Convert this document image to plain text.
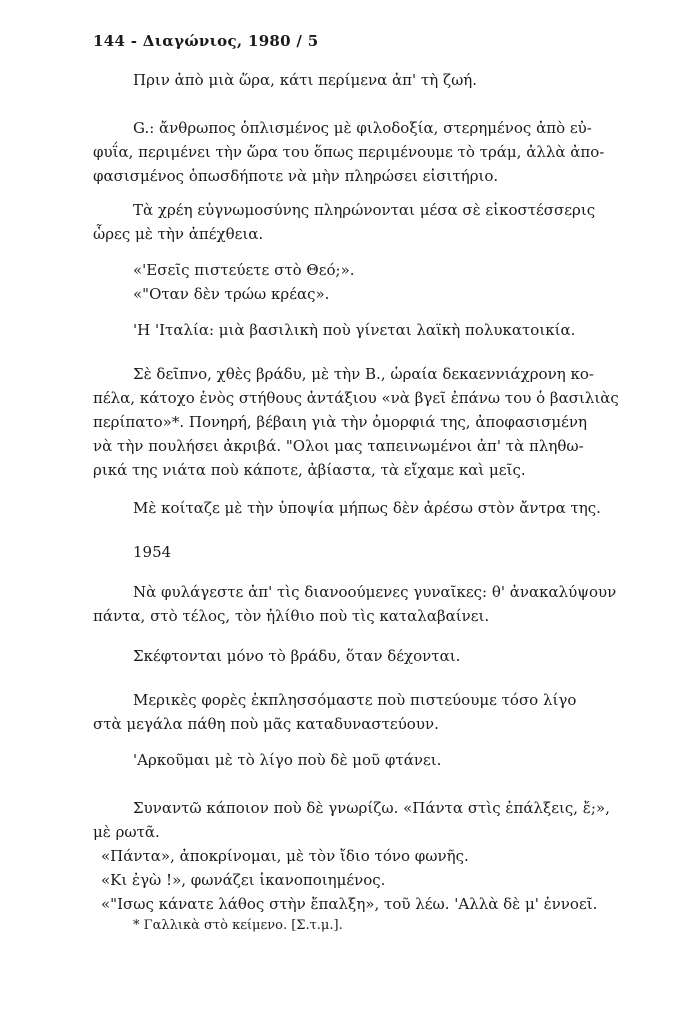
144 - Διαγώνιος, 1980 / 5

Πριν ἀπὸ μιὰ ὥρα, κάτι περίμενα ἀπ' τὴ ζωή.

G.: ἄνθρωπος ὁπλισμένος μὲ φιλοδοξία, στερημένος ἀπὸ εὐ-
φυΐα, περιμένει τὴν ὥρα του ὅπως περιμένουμε τὸ τράμ, ἀλλὰ ἀπο-
φασισμένος ὁπωσδήποτε νὰ μὴν πληρώσει εἰσιτήριο.

Τὰ χρέη εὐγνωμοσύνης πληρώνονται μέσα σὲ εἰκοστέσσερις
ὧρες μὲ τὴν ἀπέχθεια.

«'Εσεῖς πιστεύετε στὸ Θεό;».
«"Οταν δὲν τρώω κρέας».

'Η 'Ιταλία: μιὰ βασιλικὴ ποὺ γίνεται λαϊκὴ πολυκατοικία.

Σὲ δεῖπνο, χθὲς βράδυ, μὲ τὴν Β., ὡραία δεκαεννιάχρονη κο-
πέλα, κάτοχο ἑνὸς στήθους ἀντάξιου «νὰ βγεῖ ἐπάνω του ὁ βασιλιὰς
περίπατο»*. Πονηρή, βέβαιη γιὰ τὴν ὀμορφιά της, ἀποφασισμένη
νὰ τὴν πουλήσει ἀκριβά. "Ολοι μας ταπεινωμένοι ἀπ' τὰ πληθω-
ρικά της νιάτα ποὺ κάποτε, ἀβίαστα, τὰ εἴχαμε καὶ μεῖς.

Μὲ κοίταζε μὲ τὴν ὑποψία μήπως δὲν ἀρέσω στὸν ἄντρα της.

1954

Νὰ φυλάγεστε ἀπ' τὶς διανοούμενες γυναῖκες: θ' ἀνακαλύψουν
πάντα, στὸ τέλος, τὸν ἠλίθιο ποὺ τὶς καταλαβαίνει.

Σκέφτονται μόνο τὸ βράδυ, ὅταν δέχονται.

Μερικὲς φορὲς ἐκπλησσόμαστε ποὺ πιστεύουμε τόσο λίγο
στὰ μεγάλα πάθη ποὺ μᾶς καταδυναστεύουν.

'Αρκοῦμαι μὲ τὸ λίγο ποὺ δὲ μοῦ φτάνει.

Συναντῶ κάποιον ποὺ δὲ γνωρίζω. «Πάντα στὶς ἐπάλξεις, ἔ;»,
μὲ ρωτᾶ.
«Πάντα», ἀποκρίνομαι, μὲ τὸν ἴδιο τόνο φωνῆς.
«Κι ἐγὼ !», φωνάζει ἱκανοποιημένος.
«"Ισως κάνατε λάθος στὴν ἔπαλξη», τοῦ λέω. 'Αλλὰ δὲ μ' ἐννοεῖ.

* Γαλλικὰ στὸ κείμενο. [Σ.τ.μ.].
